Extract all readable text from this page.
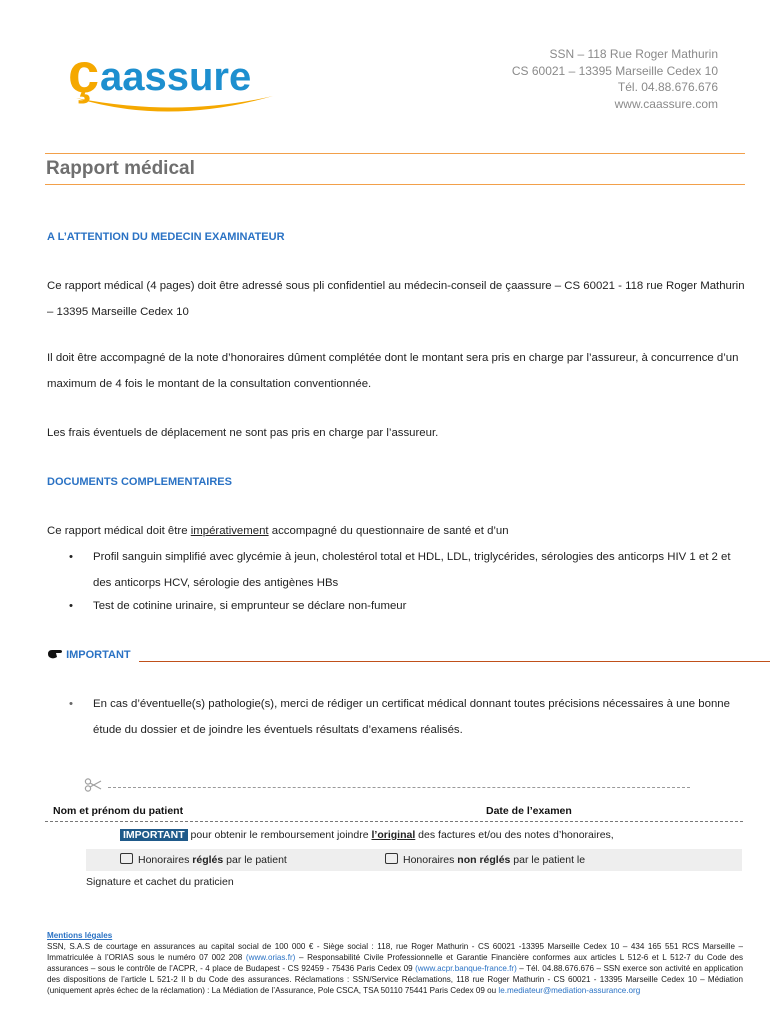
ç aassure
SSN – 118 Rue Roger Mathurin
CS 60021 – 13395 Marseille Cedex 10
Tél. 04.88.676.676
www.caassure.com
Rapport médical
A L’ATTENTION DU MEDECIN EXAMINATEUR
Ce rapport médical (4 pages) doit être adressé sous pli confidentiel au médecin-conseil de çaassure – CS 60021 - 118 rue Roger Mathurin – 13395 Marseille Cedex 10
Il doit être accompagné de la note d’honoraires dûment complétée dont le montant sera pris en charge par l’assureur, à concurrence d’un maximum de 4 fois le montant de la consultation conventionnée.
Les frais éventuels de déplacement ne sont pas pris en charge par l’assureur.
DOCUMENTS COMPLEMENTAIRES
Ce rapport médical doit être impérativement accompagné du questionnaire de santé et d’un
•	Profil sanguin simplifié avec glycémie à jeun, cholestérol total et HDL, LDL, triglycérides, sérologies des anticorps HIV 1 et 2 et des anticorps HCV, sérologie des antigènes HBs
•	Test de cotinine urinaire, si emprunteur se déclare non-fumeur
IMPORTANT
•	En cas d’éventuelle(s) pathologie(s), merci de rédiger un certificat médical donnant toutes précisions nécessaires à une bonne étude du dossier et de joindre les éventuels résultats d’examens réalisés.
Nom et prénom du patient	Date de l’examen
IMPORTANT pour obtenir le remboursement joindre l’original des factures et/ou des notes d’honoraires,
Honoraires réglés par le patient	Honoraires non réglés par le patient le
Signature et cachet du praticien
Mentions légales
SSN, S.A.S de courtage en assurances au capital social de 100 000 € - Siège social : 118, rue Roger Mathurin - CS 60021 -13395 Marseille Cedex 10 – 434 165 551 RCS Marseille – Immatriculée à l’ORIAS sous le numéro 07 002 208 (www.orias.fr) – Responsabilité Civile Professionnelle et Garantie Financière conformes aux articles L 512-6 et L 512-7 du Code des assurances – sous le contrôle de l’ACPR, - 4 place de Budapest - CS 92459 - 75436 Paris Cedex 09 (www.acpr.banque-france.fr) – Tél. 04.88.676.676 – SSN exerce son activité en application des dispositions de l’article L 521-2 II b du Code des assurances. Réclamations : SSN/Service Réclamations, 118 rue Roger Mathurin - CS 60021 - 13395 Marseille Cedex 10 – Médiation (uniquement après échec de la réclamation) : La Médiation de l’Assurance, Pole CSCA, TSA 50110 75441 Paris Cedex 09 ou le.mediateur@mediation-assurance.org
